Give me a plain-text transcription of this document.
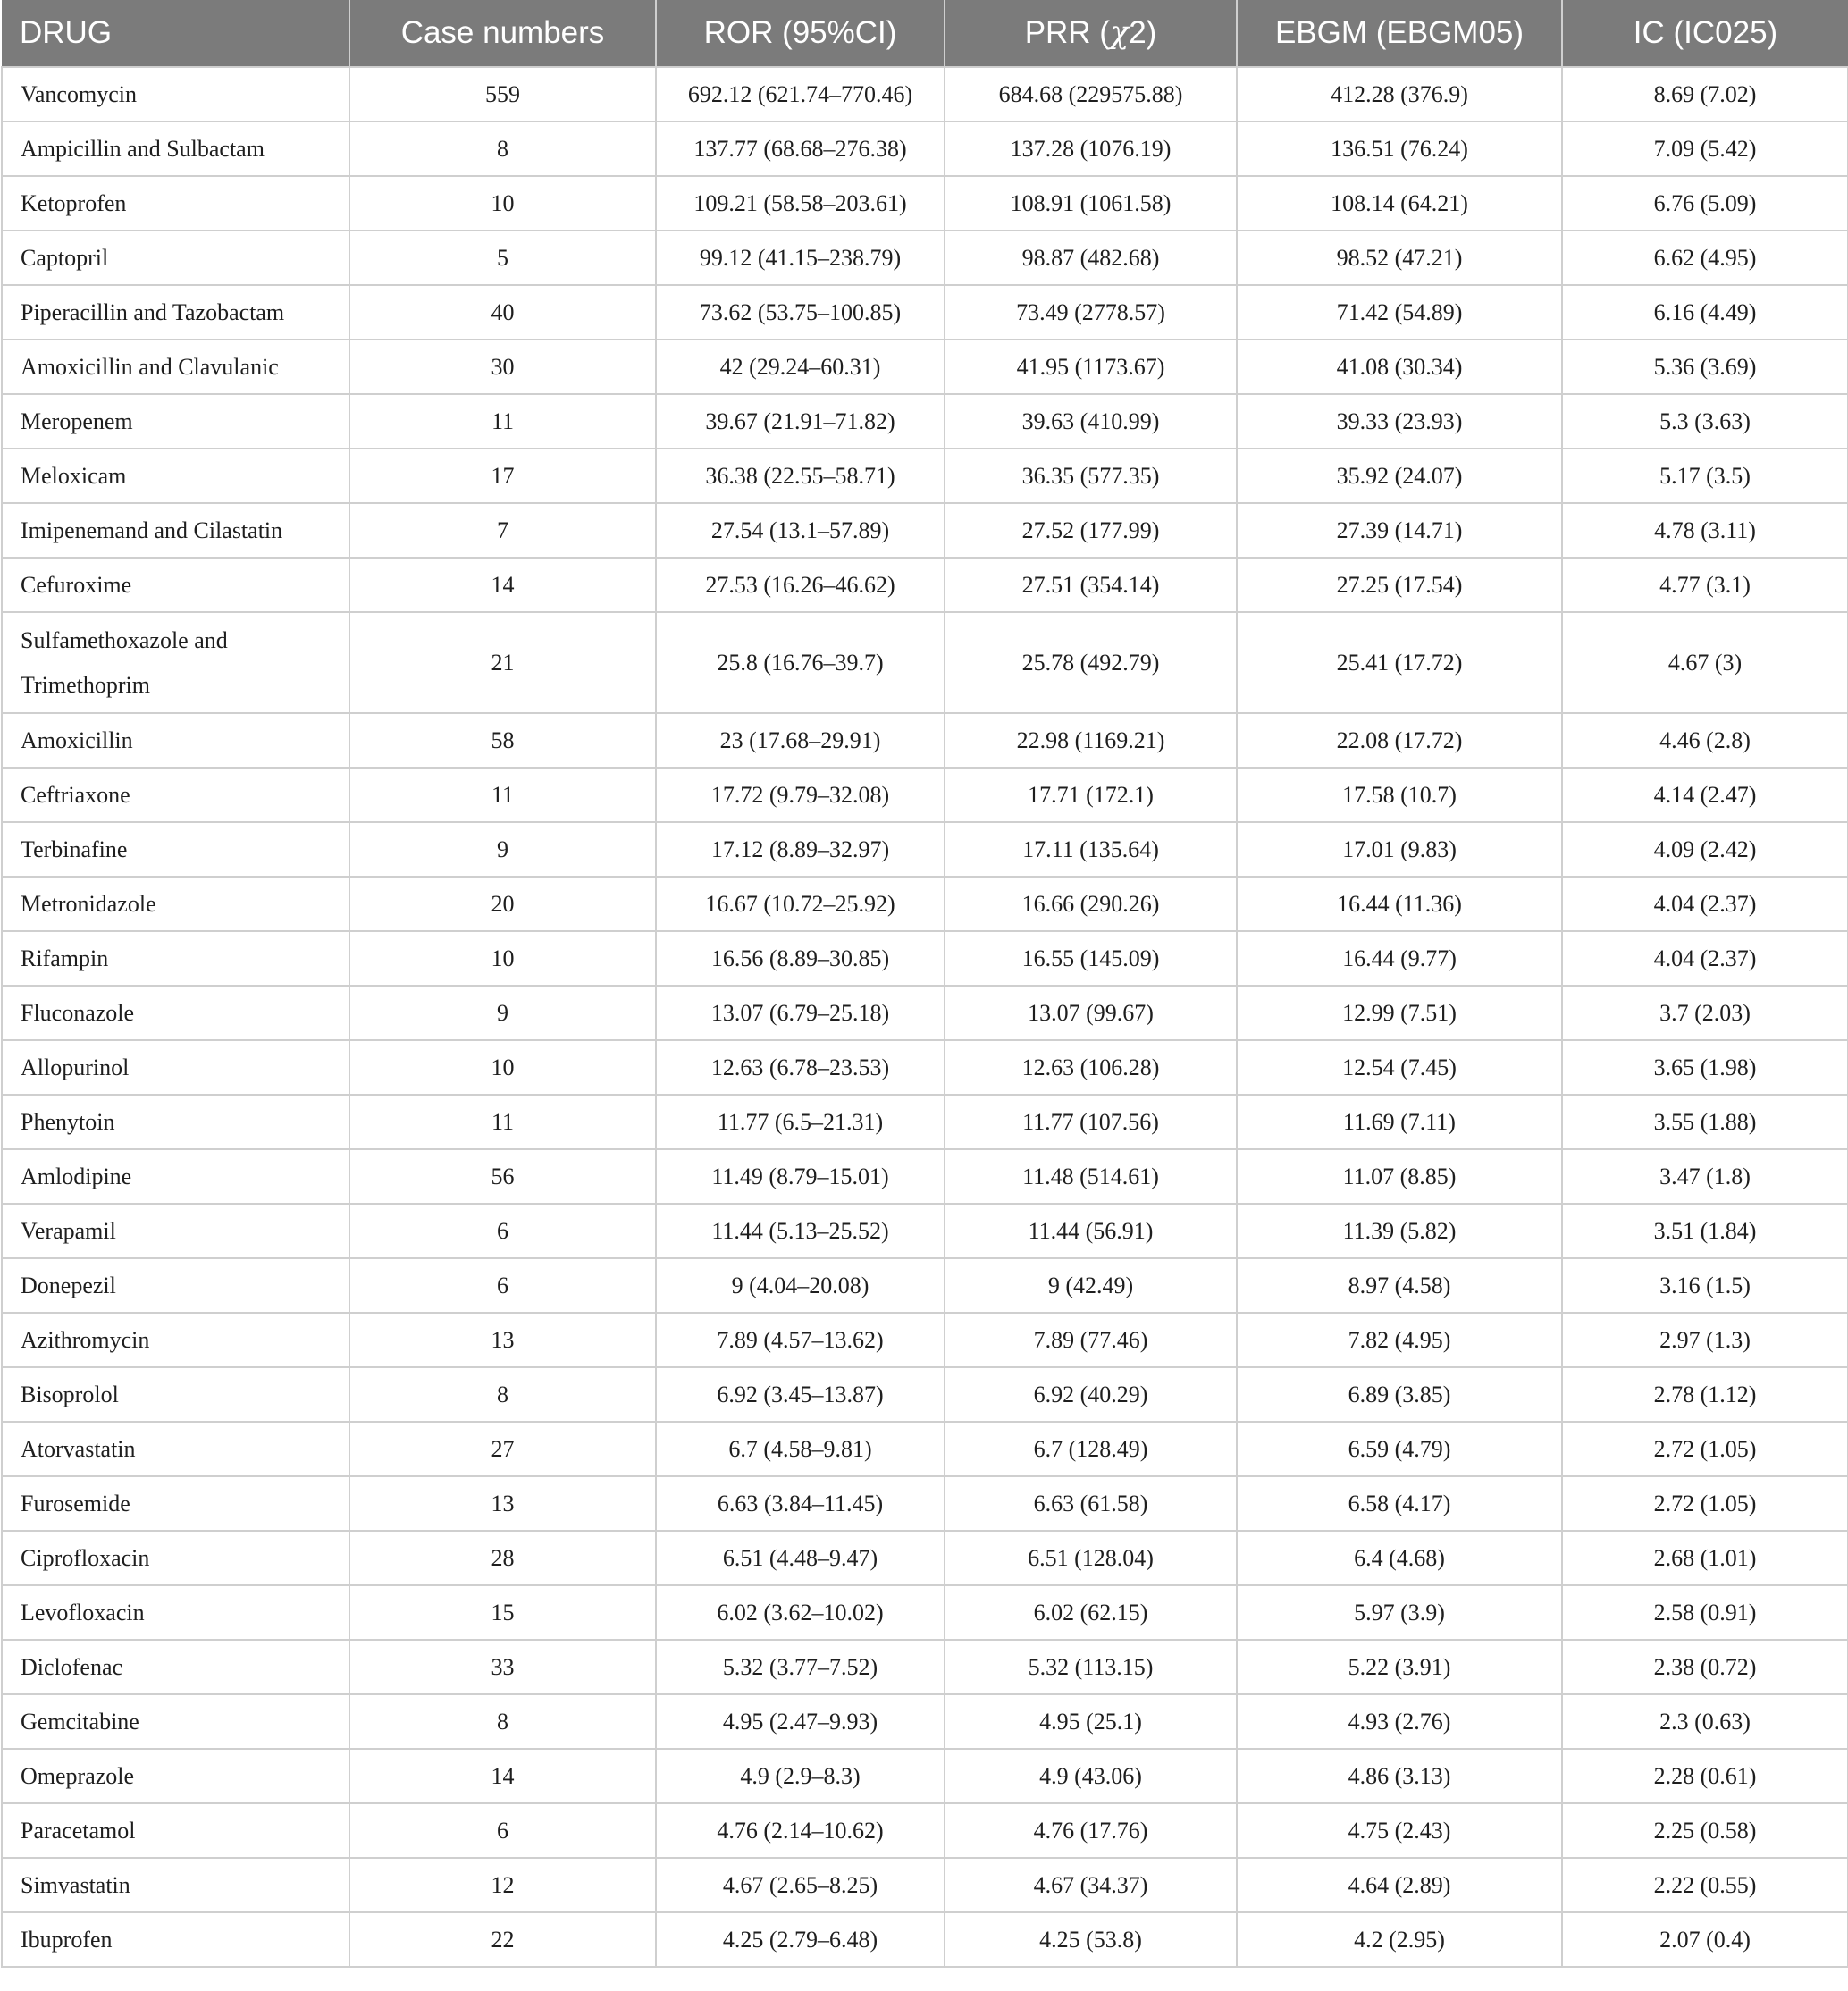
DRUG	Case numbers	ROR (95%CI)	PRR (χ2)	EBGM (EBGM05)	IC (IC025)
Vancomycin	559	692.12 (621.74–770.46)	684.68 (229575.88)	412.28 (376.9)	8.69 (7.02)
Ampicillin and Sulbactam	8	137.77 (68.68–276.38)	137.28 (1076.19)	136.51 (76.24)	7.09 (5.42)
Ketoprofen	10	109.21 (58.58–203.61)	108.91 (1061.58)	108.14 (64.21)	6.76 (5.09)
Captopril	5	99.12 (41.15–238.79)	98.87 (482.68)	98.52 (47.21)	6.62 (4.95)
Piperacillin and Tazobactam	40	73.62 (53.75–100.85)	73.49 (2778.57)	71.42 (54.89)	6.16 (4.49)
Amoxicillin and Clavulanic	30	42 (29.24–60.31)	41.95 (1173.67)	41.08 (30.34)	5.36 (3.69)
Meropenem	11	39.67 (21.91–71.82)	39.63 (410.99)	39.33 (23.93)	5.3 (3.63)
Meloxicam	17	36.38 (22.55–58.71)	36.35 (577.35)	35.92 (24.07)	5.17 (3.5)
Imipenemand and Cilastatin	7	27.54 (13.1–57.89)	27.52 (177.99)	27.39 (14.71)	4.78 (3.11)
Cefuroxime	14	27.53 (16.26–46.62)	27.51 (354.14)	27.25 (17.54)	4.77 (3.1)
Sulfamethoxazole and Trimethoprim	21	25.8 (16.76–39.7)	25.78 (492.79)	25.41 (17.72)	4.67 (3)
Amoxicillin	58	23 (17.68–29.91)	22.98 (1169.21)	22.08 (17.72)	4.46 (2.8)
Ceftriaxone	11	17.72 (9.79–32.08)	17.71 (172.1)	17.58 (10.7)	4.14 (2.47)
Terbinafine	9	17.12 (8.89–32.97)	17.11 (135.64)	17.01 (9.83)	4.09 (2.42)
Metronidazole	20	16.67 (10.72–25.92)	16.66 (290.26)	16.44 (11.36)	4.04 (2.37)
Rifampin	10	16.56 (8.89–30.85)	16.55 (145.09)	16.44 (9.77)	4.04 (2.37)
Fluconazole	9	13.07 (6.79–25.18)	13.07 (99.67)	12.99 (7.51)	3.7 (2.03)
Allopurinol	10	12.63 (6.78–23.53)	12.63 (106.28)	12.54 (7.45)	3.65 (1.98)
Phenytoin	11	11.77 (6.5–21.31)	11.77 (107.56)	11.69 (7.11)	3.55 (1.88)
Amlodipine	56	11.49 (8.79–15.01)	11.48 (514.61)	11.07 (8.85)	3.47 (1.8)
Verapamil	6	11.44 (5.13–25.52)	11.44 (56.91)	11.39 (5.82)	3.51 (1.84)
Donepezil	6	9 (4.04–20.08)	9 (42.49)	8.97 (4.58)	3.16 (1.5)
Azithromycin	13	7.89 (4.57–13.62)	7.89 (77.46)	7.82 (4.95)	2.97 (1.3)
Bisoprolol	8	6.92 (3.45–13.87)	6.92 (40.29)	6.89 (3.85)	2.78 (1.12)
Atorvastatin	27	6.7 (4.58–9.81)	6.7 (128.49)	6.59 (4.79)	2.72 (1.05)
Furosemide	13	6.63 (3.84–11.45)	6.63 (61.58)	6.58 (4.17)	2.72 (1.05)
Ciprofloxacin	28	6.51 (4.48–9.47)	6.51 (128.04)	6.4 (4.68)	2.68 (1.01)
Levofloxacin	15	6.02 (3.62–10.02)	6.02 (62.15)	5.97 (3.9)	2.58 (0.91)
Diclofenac	33	5.32 (3.77–7.52)	5.32 (113.15)	5.22 (3.91)	2.38 (0.72)
Gemcitabine	8	4.95 (2.47–9.93)	4.95 (25.1)	4.93 (2.76)	2.3 (0.63)
Omeprazole	14	4.9 (2.9–8.3)	4.9 (43.06)	4.86 (3.13)	2.28 (0.61)
Paracetamol	6	4.76 (2.14–10.62)	4.76 (17.76)	4.75 (2.43)	2.25 (0.58)
Simvastatin	12	4.67 (2.65–8.25)	4.67 (34.37)	4.64 (2.89)	2.22 (0.55)
Ibuprofen	22	4.25 (2.79–6.48)	4.25 (53.8)	4.2 (2.95)	2.07 (0.4)
